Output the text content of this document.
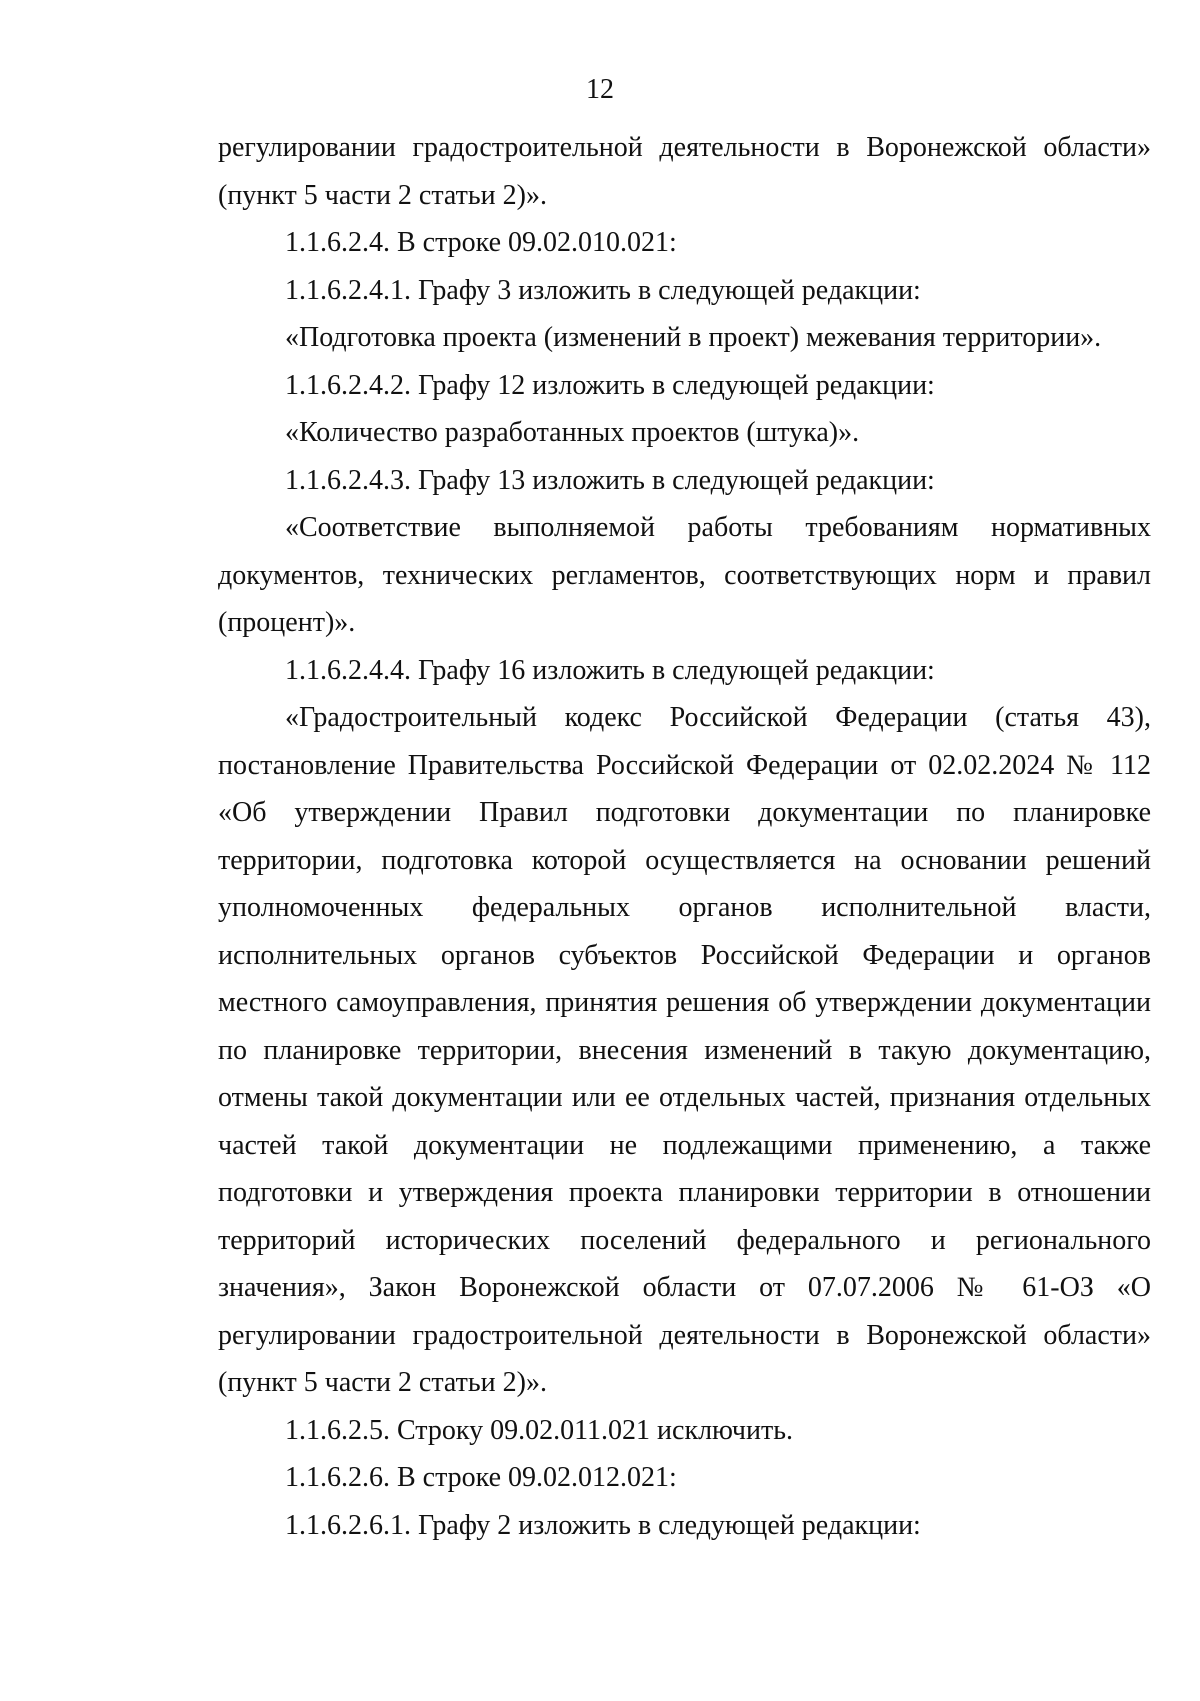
12

регулировании градостроительной деятельности в Воронежской области» (пункт 5 части 2 статьи 2)».

1.1.6.2.4. В строке 09.02.010.021:

1.1.6.2.4.1. Графу 3 изложить в следующей редакции:

«Подготовка проекта (изменений в проект) межевания территории».

1.1.6.2.4.2. Графу 12 изложить в следующей редакции:

«Количество разработанных проектов (штука)».

1.1.6.2.4.3. Графу 13 изложить в следующей редакции:

«Соответствие выполняемой работы требованиям нормативных документов, технических регламентов, соответствующих норм и правил (процент)».

1.1.6.2.4.4. Графу 16 изложить в следующей редакции:

«Градостроительный кодекс Российской Федерации (статья 43), постановление Правительства Российской Федерации от 02.02.2024 № 112 «Об утверждении Правил подготовки документации по планировке территории, подготовка которой осуществляется на основании решений уполномоченных федеральных органов исполнительной власти, исполнительных органов субъектов Российской Федерации и органов местного самоуправления, принятия решения об утверждении документации по планировке территории, внесения изменений в такую документацию, отмены такой документации или ее отдельных частей, признания отдельных частей такой документации не подлежащими применению, а также подготовки и утверждения проекта планировки территории в отношении территорий исторических поселений федерального и регионального значения», Закон Воронежской области от 07.07.2006 № 61-ОЗ «О регулировании градостроительной деятельности в Воронежской области» (пункт 5 части 2 статьи 2)».

1.1.6.2.5. Строку 09.02.011.021 исключить.

1.1.6.2.6. В строке 09.02.012.021:

1.1.6.2.6.1. Графу 2 изложить в следующей редакции:
